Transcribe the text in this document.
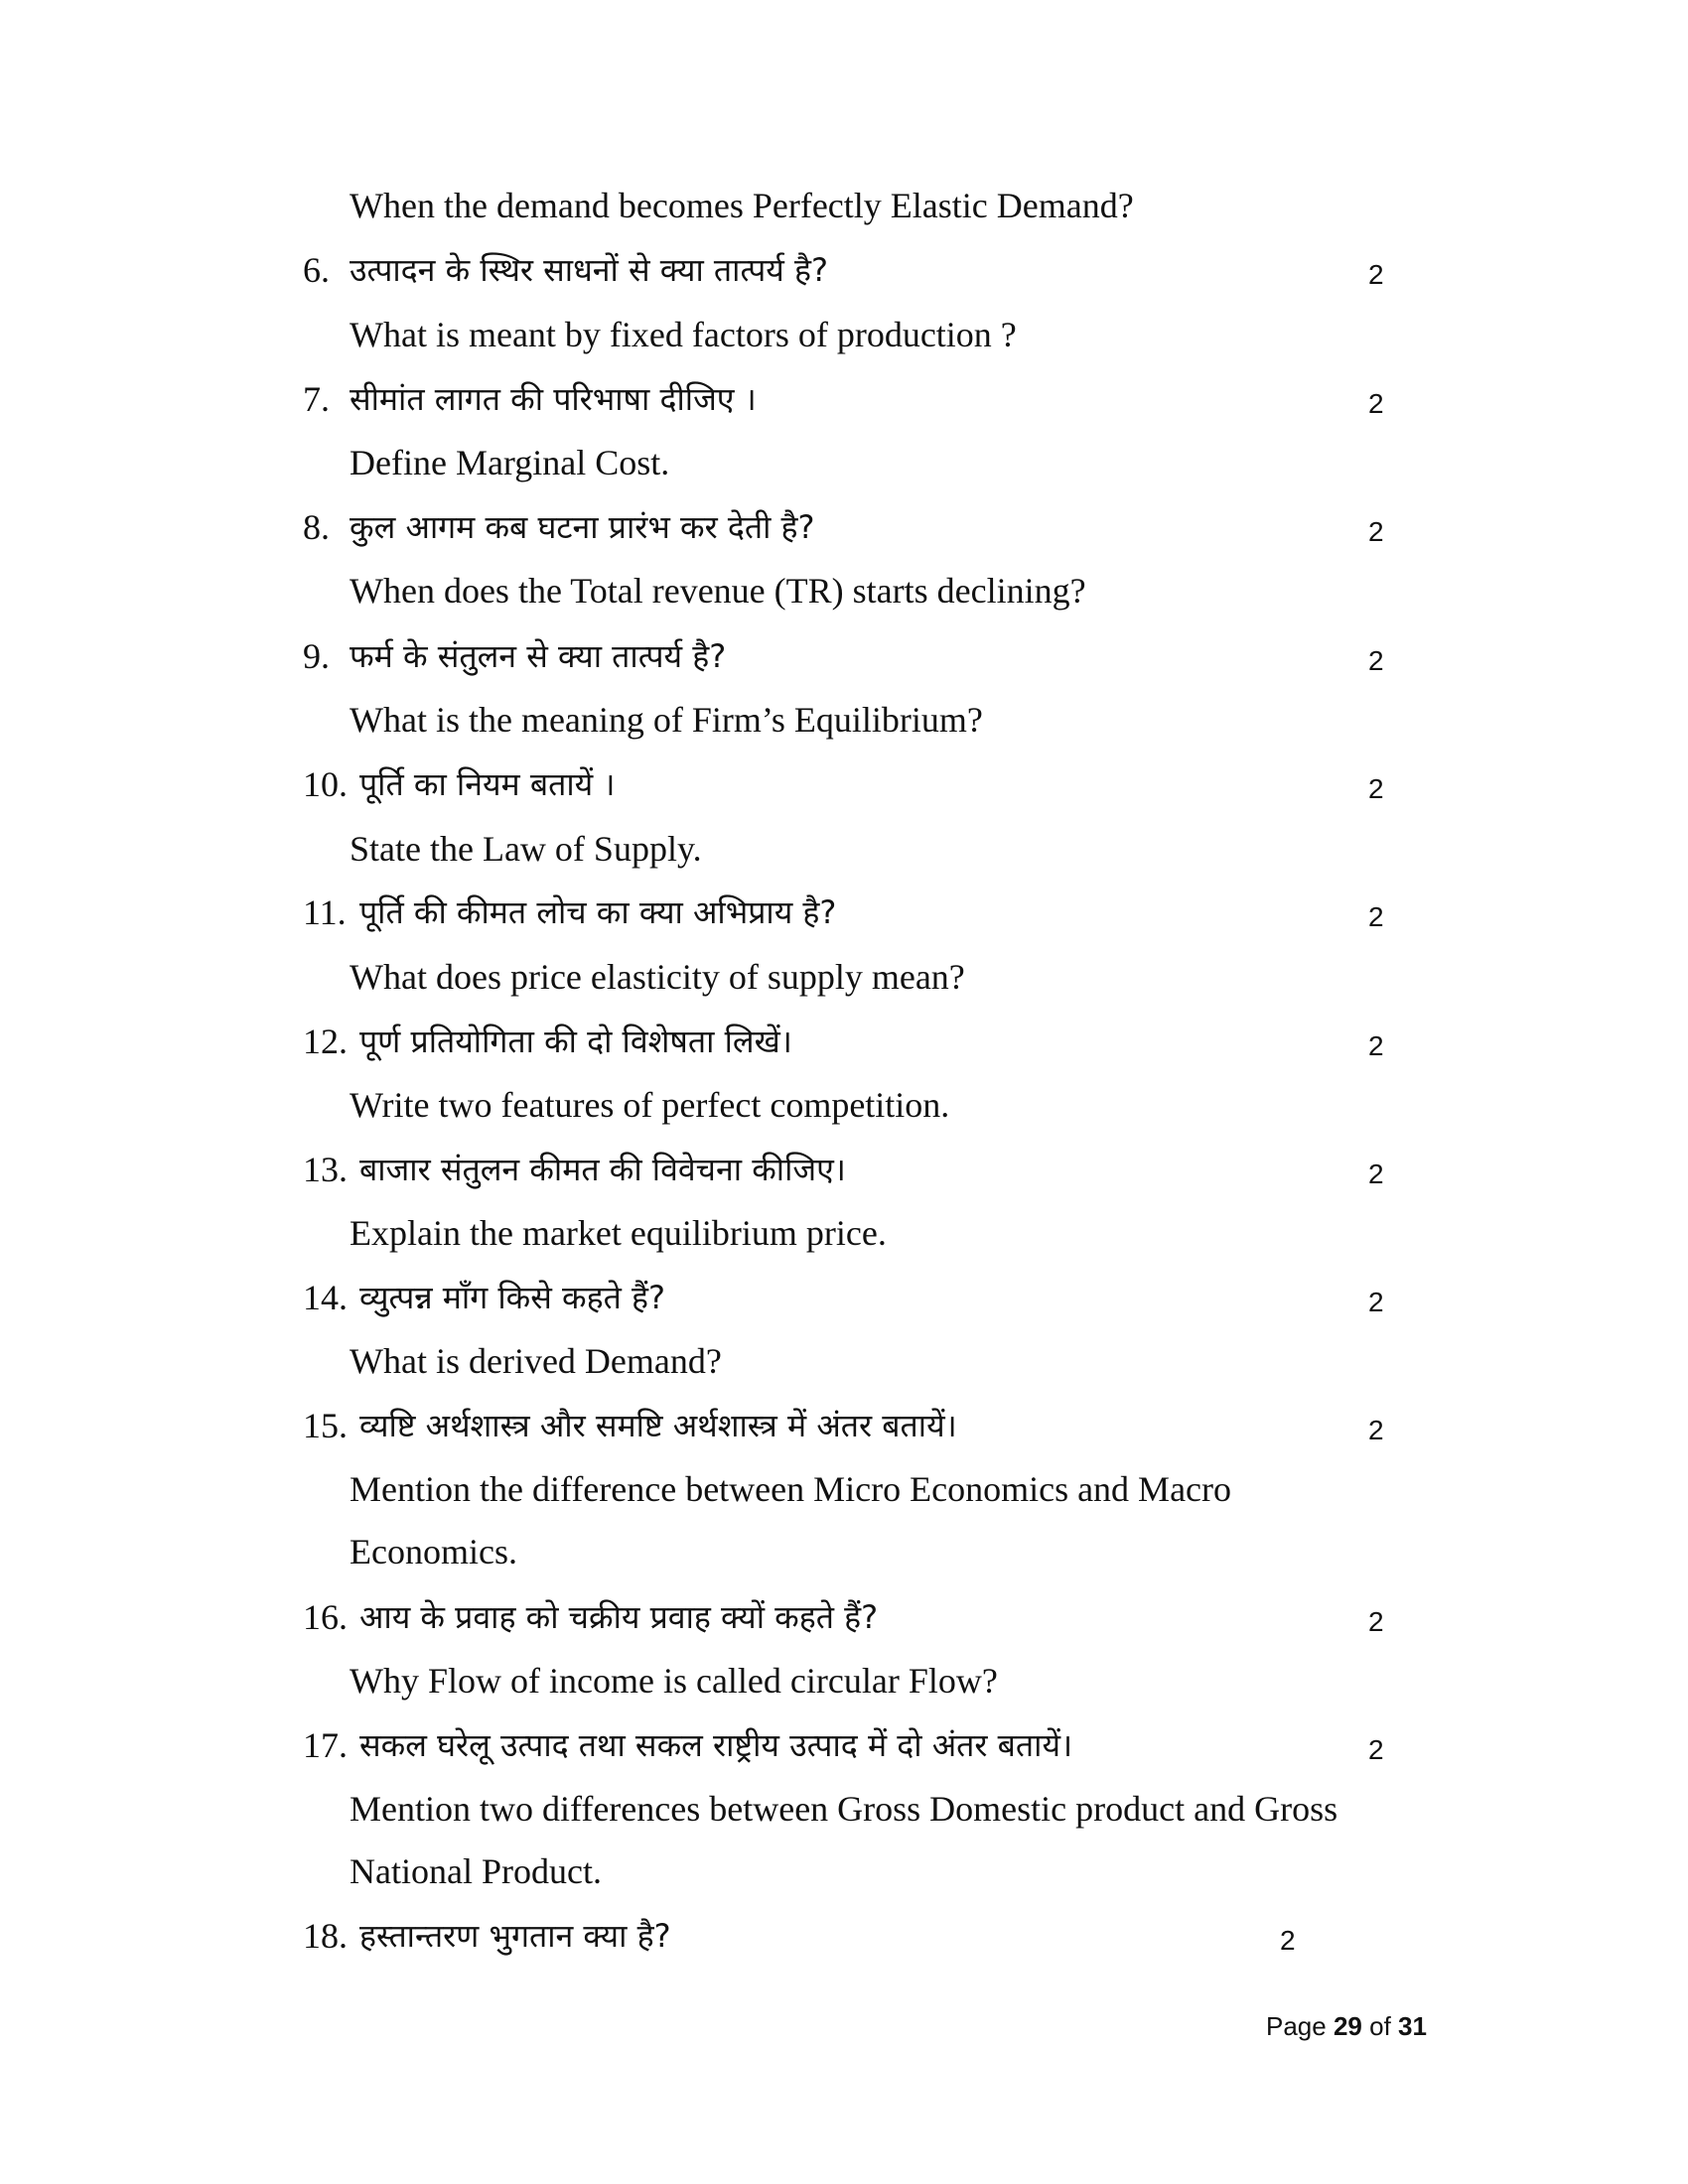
When the demand becomes Perfectly Elastic Demand?
6. उत्पादन के स्थिर साधनों से क्या तात्पर्य है?	2
What is meant by fixed factors of production ?
7. सीमांत लागत की परिभाषा दीजिए ।	2
Define Marginal Cost.
8. कुल आगम कब घटना प्रारंभ कर देती है?	2
When does the Total revenue (TR) starts declining?
9. फर्म के संतुलन से क्या तात्पर्य है?	2
What is the meaning of Firm’s Equilibrium?
10. पूर्ति का नियम बतायें ।	2
State the Law of Supply.
11. पूर्ति की कीमत लोच का क्या अभिप्राय है?	2
What does price elasticity of supply mean?
12. पूर्ण प्रतियोगिता की दो विशेषता लिखें।	2
Write two features of perfect competition.
13. बाजार संतुलन कीमत की विवेचना कीजिए।	2
Explain the market equilibrium price.
14. व्युत्पन्न माँग किसे कहते हैं?	2
What is derived Demand?
15. व्यष्टि अर्थशास्त्र और समष्टि अर्थशास्त्र में अंतर बतायें।	2
Mention the difference between Micro Economics and Macro
Economics.
16. आय के प्रवाह को चक्रीय प्रवाह क्यों कहते हैं?	2
Why Flow of income is called circular Flow?
17. सकल घरेलू उत्पाद तथा सकल राष्ट्रीय उत्पाद में दो अंतर बतायें।	2
Mention two differences between Gross Domestic product and Gross
National Product.
18. हस्तान्तरण भुगतान क्या है?	2
Page 29 of 31
